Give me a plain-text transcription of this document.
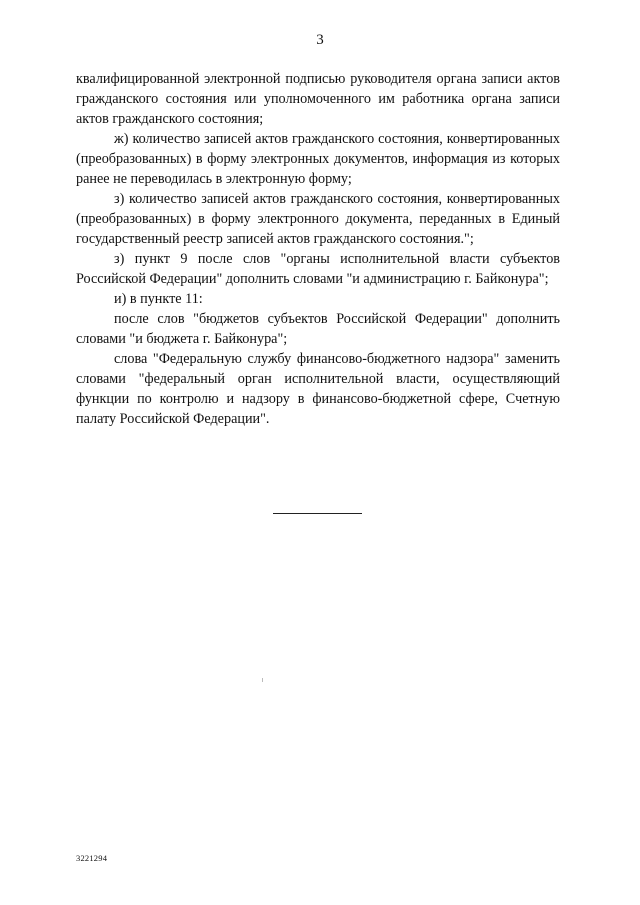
3

квалифицированной электронной подписью руководителя органа записи актов гражданского состояния или уполномоченного им работника органа записи актов гражданского состояния;

ж) количество записей актов гражданского состояния, конвертированных (преобразованных) в форму электронных документов, информация из которых ранее не переводилась в электронную форму;

з) количество записей актов гражданского состояния, конвертированных (преобразованных) в форму электронного документа, переданных в Единый государственный реестр записей актов гражданского состояния.";

з) пункт 9 после слов "органы исполнительной власти субъектов Российской Федерации" дополнить словами "и администрацию г. Байконура";

и) в пункте 11:

после слов "бюджетов субъектов Российской Федерации" дополнить словами "и бюджета г. Байконура";

слова "Федеральную службу финансово-бюджетного надзора" заменить словами "федеральный орган исполнительной власти, осуществляющий функции по контролю и надзору в финансово-бюджетной сфере, Счетную палату Российской Федерации".

3221294
